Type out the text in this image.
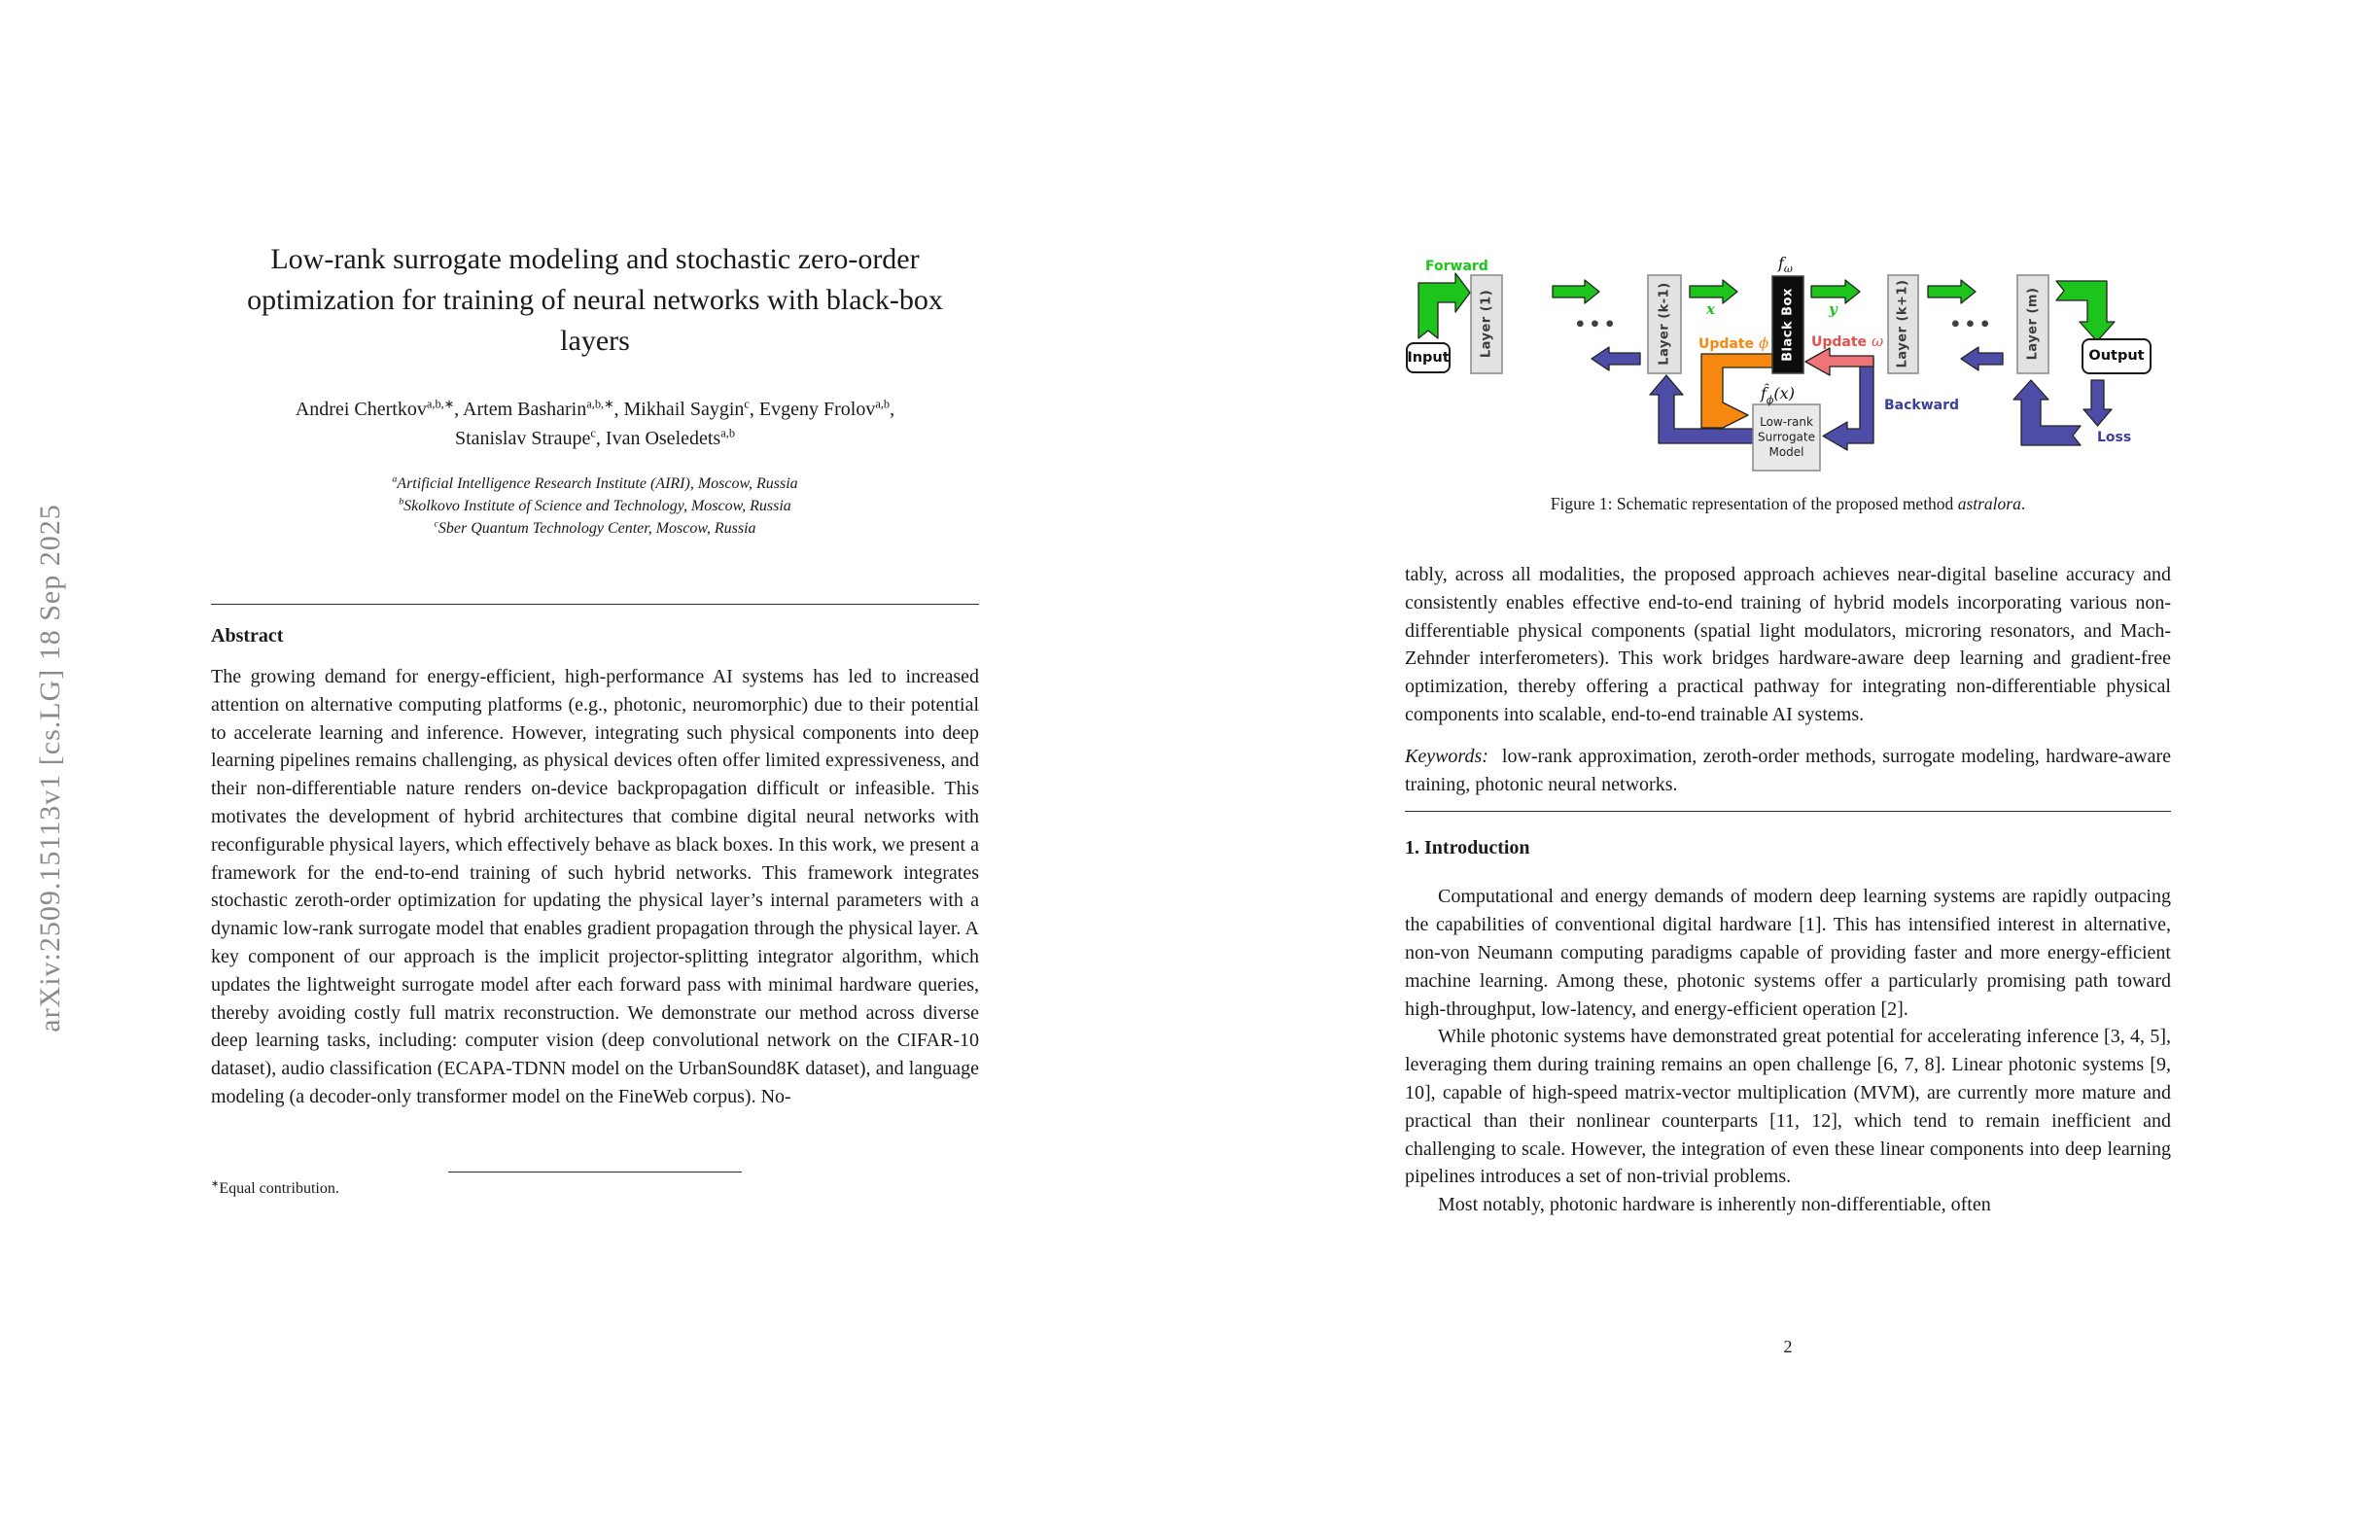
arXiv:2509.15113v1 [cs.LG] 18 Sep 2025
Low-rank surrogate modeling and stochastic zero-order optimization for training of neural networks with black-box layers
Andrei Chertkov$^{a,b,∗}$, Artem Basharin$^{a,b,∗}$, Mikhail Saygin$^c$, Evgeny Frolov$^{a,b}$, Stanislav Straupe$^c$, Ivan Oseledets$^{a,b}$
$^a$Artificial Intelligence Research Institute (AIRI), Moscow, Russia
$^b$Skolkovo Institute of Science and Technology, Moscow, Russia
$^c$Sber Quantum Technology Center, Moscow, Russia
Abstract

The growing demand for energy-efficient, high-performance AI systems has led to increased attention on alternative computing platforms (e.g., photonic, neuromorphic) due to their potential to accelerate learning and inference. However, integrating such physical components into deep learning pipelines remains challenging, as physical devices often offer limited expressiveness, and their non-differentiable nature renders on-device backpropagation difficult or infeasible. This motivates the development of hybrid architectures that combine digital neural networks with reconfigurable physical layers, which effectively behave as black boxes. In this work, we present a framework for the end-to-end training of such hybrid networks. This framework integrates stochastic zeroth-order optimization for updating the physical layer’s internal parameters with a dynamic low-rank surrogate model that enables gradient propagation through the physical layer. A key component of our approach is the implicit projector-splitting integrator algorithm, which updates the lightweight surrogate model after each forward pass with minimal hardware queries, thereby avoiding costly full matrix reconstruction. We demonstrate our method across diverse deep learning tasks, including: computer vision (deep convolutional network on the CIFAR-10 dataset), audio classification (ECAPA-TDNN model on the UrbanSound8K dataset), and language modeling (a decoder-only transformer model on the FineWeb corpus). No-

∗Equal contribution.
Input Layer (1)	Layer (k-1)	Black Box	Layer (k+1)	Layer (m)	Output
Low-rank
Surrogate
Model
•••	•••
Forward
Backward
Loss
Update ϕ	Update ω
$f_\omega$
$f̂_\phi(x)$
x	y
Figure 1: Schematic representation of the proposed method astralora.

tably, across all modalities, the proposed approach achieves near-digital baseline accuracy and consistently enables effective end-to-end training of hybrid models incorporating various non-differentiable physical components (spatial light modulators, microring resonators, and Mach-Zehnder interferometers). This work bridges hardware-aware deep learning and gradient-free optimization, thereby offering a practical pathway for integrating non-differentiable physical components into scalable, end-to-end trainable AI systems.

Keywords: low-rank approximation, zeroth-order methods, surrogate modeling, hardware-aware training, photonic neural networks.

1. Introduction

Computational and energy demands of modern deep learning systems are rapidly outpacing the capabilities of conventional digital hardware [1]. This has intensified interest in alternative, non-von Neumann computing paradigms capable of providing faster and more energy-efficient machine learning. Among these, photonic systems offer a particularly promising path toward high-throughput, low-latency, and energy-efficient operation [2].

While photonic systems have demonstrated great potential for accelerating inference [3, 4, 5], leveraging them during training remains an open challenge [6, 7, 8]. Linear photonic systems [9, 10], capable of high-speed matrix-vector multiplication (MVM), are currently more mature and practical than their nonlinear counterparts [11, 12], which tend to remain inefficient and challenging to scale. However, the integration of even these linear components into deep learning pipelines introduces a set of non-trivial problems.

Most notably, photonic hardware is inherently non-differentiable, often

2
